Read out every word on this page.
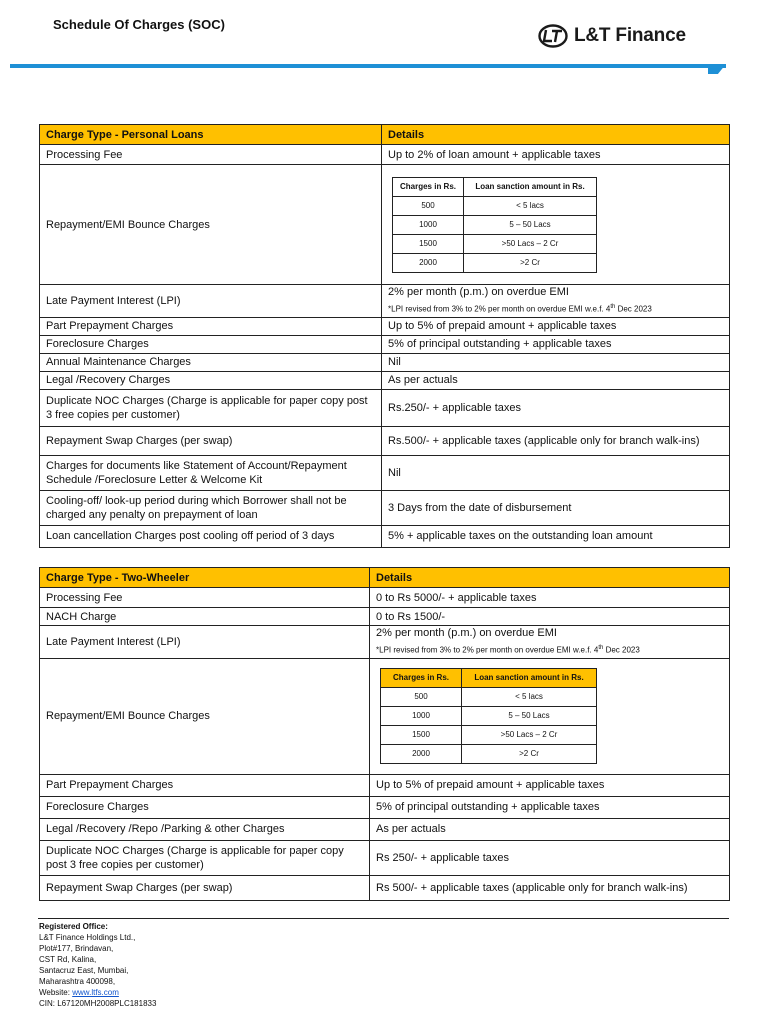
Schedule Of Charges (SOC)
L&T Finance
Charge Type - Personal Loans	Details
Processing Fee	Up to 2% of loan amount + applicable taxes
Repayment/EMI Bounce Charges	
Charges in Rs.	Loan sanction amount in Rs.
500	< 5 lacs
1000	5 – 50 Lacs
1500	>50 Lacs – 2 Cr
2000	>2 Cr

Late Payment Interest (LPI)	2% per month (p.m.) on overdue EMI
*LPI revised from 3% to 2% per month on overdue EMI w.e.f. 4th Dec 2023

Part Prepayment Charges	Up to 5% of prepaid amount + applicable taxes
Foreclosure Charges	5% of principal outstanding + applicable taxes
Annual Maintenance Charges	Nil
Legal /Recovery Charges	As per actuals
Duplicate NOC Charges (Charge is applicable for paper copy post 3 free copies per customer)	Rs.250/- + applicable taxes
Repayment Swap Charges (per swap)	Rs.500/- + applicable taxes (applicable only for branch walk-ins)
Charges for documents like Statement of Account/Repayment Schedule /Foreclosure Letter & Welcome Kit	Nil
Cooling-off/ look-up period during which Borrower shall not be charged any penalty on prepayment of loan	3 Days from the date of disbursement
Loan cancellation Charges post cooling off period of 3 days	5% + applicable taxes on the outstanding loan amount
Charge Type - Two-Wheeler	Details
Processing Fee	0 to Rs 5000/- + applicable taxes
NACH Charge	0 to Rs 1500/-
Late Payment Interest (LPI)	2% per month (p.m.) on overdue EMI
*LPI revised from 3% to 2% per month on overdue EMI w.e.f. 4th Dec 2023

Repayment/EMI Bounce Charges	
Charges in Rs.	Loan sanction amount in Rs.
500	< 5 lacs
1000	5 – 50 Lacs
1500	>50 Lacs – 2 Cr
2000	>2 Cr

Part Prepayment Charges	Up to 5% of prepaid amount + applicable taxes
Foreclosure Charges	5% of principal outstanding + applicable taxes
Legal /Recovery /Repo /Parking & other Charges	As per actuals
Duplicate NOC Charges (Charge is applicable for paper copy post 3 free copies per customer)	Rs 250/- + applicable taxes
Repayment Swap Charges (per swap)	Rs 500/- + applicable taxes (applicable only for branch walk-ins)
Registered Office:
L&T Finance Holdings Ltd.,
Plot#177, Brindavan,
CST Rd, Kalina,
Santacruz East, Mumbai,
Maharashtra 400098,
Website: www.ltfs.com
CIN: L67120MH2008PLC181833
